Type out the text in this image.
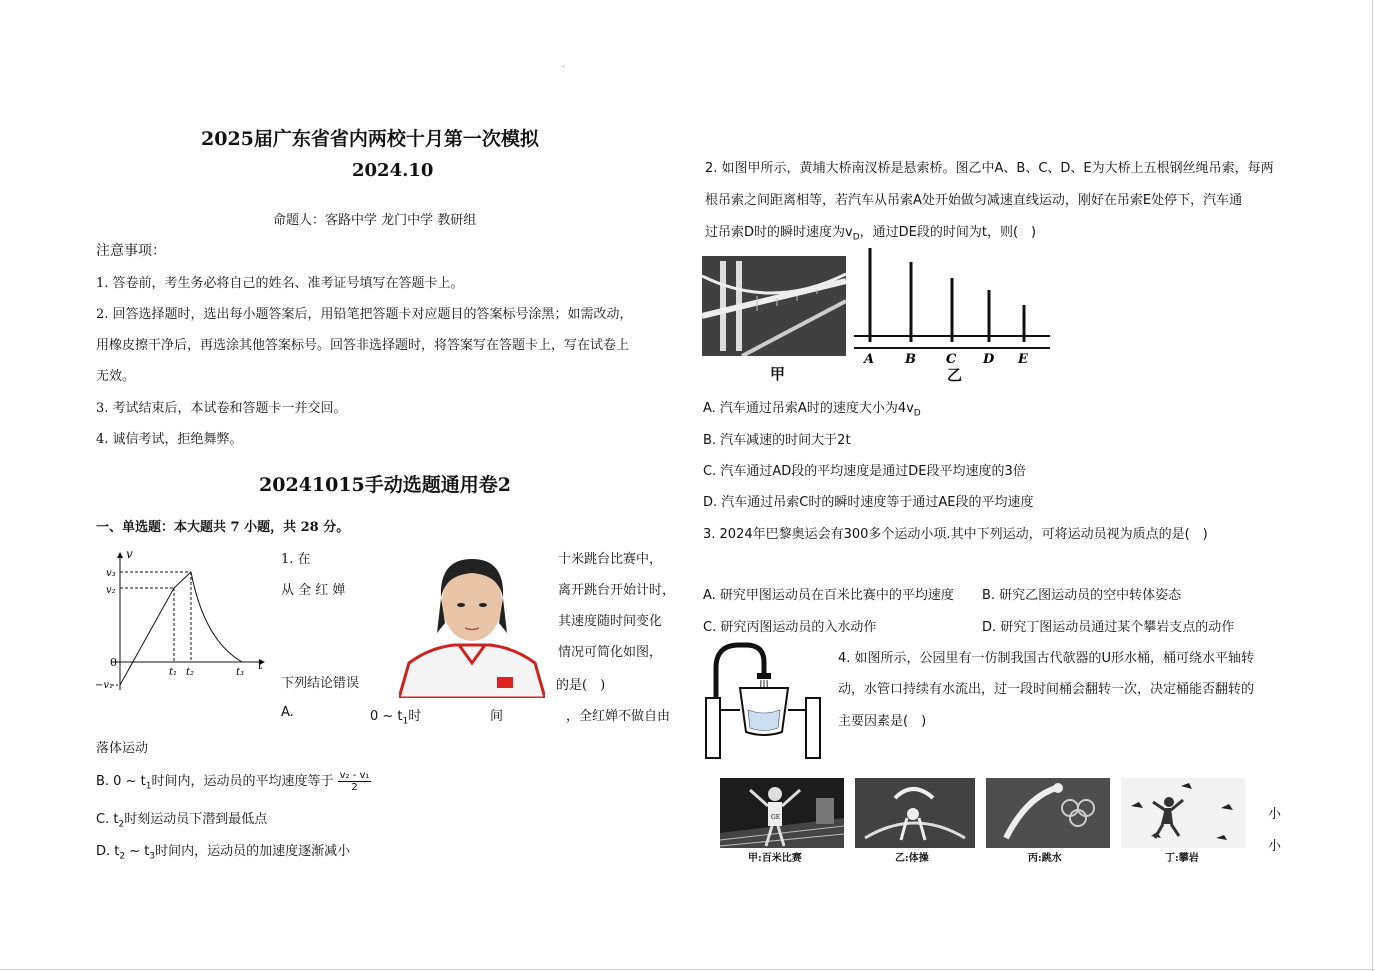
.
2025届广东省省内两校十月第一次模拟
2024.10
命题人：客路中学 龙门中学 教研组
注意事项：
1. 答卷前，考生务必将自己的姓名、准考证号填写在答题卡上。
2. 回答选择题时，选出每小题答案后，用铅笔把答题卡对应题目的答案标号涂黑；如需改动，
用橡皮擦干净后，再选涂其他答案标号。回答非选择题时，将答案写在答题卡上，写在试卷上
无效。
3. 考试结束后，本试卷和答题卡一并交回。
4. 诚信考试，拒绝舞弊。
20241015手动选题通用卷2
一、单选题：本大题共 7 小题，共 28 分。
v
t
0
v₃
v₂
−v₁
t₁ t₂	t₃
1. 在	十米跳台比赛中，
从 全 红 婵	离开跳台开始计时，
其速度随时间变化
情况可简化如图，
下列结论错误	的是(　)
A.	0 ~ $t_1$时	间	，全红婵不做自由
落体运动
B. 0 ~ $t_1$时间内，运动员的平均速度等于 $\frac{\text{v₂ - v₁}}{2}$
C. $t_2$时刻运动员下潜到最低点
D. $t_2$ ~ $t_3$时间内，运动员的加速度逐渐减小
2. 如图甲所示，黄埔大桥南汊桥是悬索桥。图乙中A、B、C、D、E为大桥上五根钢丝绳吊索，每两
根吊索之间距离相等，若汽车从吊索A处开始做匀减速直线运动，刚好在吊索E处停下，汽车通
过吊索D时的瞬时速度为$v_D$，通过DE段的时间为t，则(　)
甲
A B C D E
乙
A. 汽车通过吊索A时的速度大小为$4v_D$
B. 汽车减速的时间大于2t
C. 汽车通过AD段的平均速度是通过DE段平均速度的3倍
D. 汽车通过吊索C时的瞬时速度等于通过AE段的平均速度
3. 2024年巴黎奥运会有300多个运动小项.其中下列运动，可将运动员视为质点的是(　)
A. 研究甲图运动员在百米比赛中的平均速度 B. 研究乙图运动员的空中转体姿态
C. 研究丙图运动员的入水动作	D. 研究丁图运动员通过某个攀岩支点的动作
4. 如图所示，公园里有一仿制我国古代欹器的U形水桶，桶可绕水平轴转
动，水管口持续有水流出，过一段时间桶会翻转一次，决定桶能否翻转的
主要因素是(　)
GE
甲:百米比赛	乙:体操	丙:跳水	丁:攀岩
小
小
